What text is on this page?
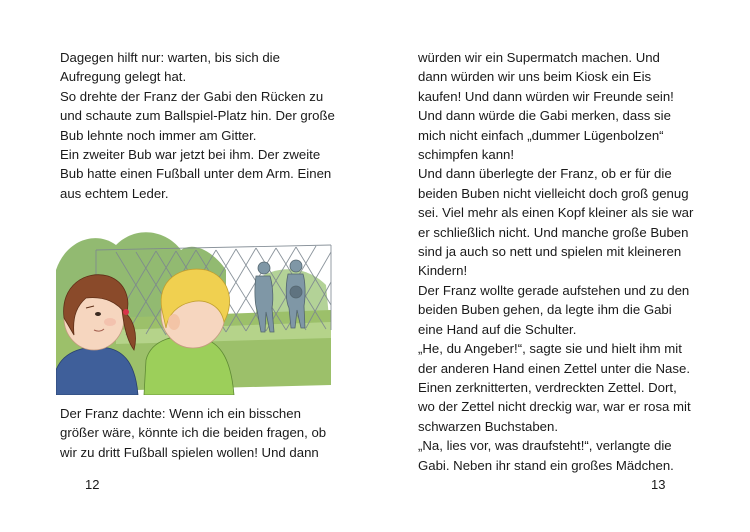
Dagegen hilft nur: warten, bis sich die

Aufregung gelegt hat.

So drehte der Franz der Gabi den Rücken zu

und schaute zum Ballspiel-Platz hin. Der große

Bub lehnte noch immer am Gitter.

Ein zweiter Bub war jetzt bei ihm. Der zweite

Bub hatte einen Fußball unter dem Arm. Einen

aus echtem Leder.

Der Franz dachte: Wenn ich ein bisschen

größer wäre, könnte ich die beiden fragen, ob

wir zu dritt Fußball spielen wollen! Und dann

12

würden wir ein Supermatch machen. Und

dann würden wir uns beim Kiosk ein Eis

kaufen! Und dann würden wir Freunde sein!

Und dann würde die Gabi merken, dass sie

mich nicht einfach „dummer Lügenbolzen“

schimpfen kann!

Und dann überlegte der Franz, ob er für die

beiden Buben nicht vielleicht doch groß genug

sei. Viel mehr als einen Kopf kleiner als sie war

er schließlich nicht. Und manche große Buben

sind ja auch so nett und spielen mit kleineren

Kindern!

Der Franz wollte gerade aufstehen und zu den

beiden Buben gehen, da legte ihm die Gabi

eine Hand auf die Schulter.

„He, du Angeber!“, sagte sie und hielt ihm mit

der anderen Hand einen Zettel unter die Nase.

Einen zerknitterten, verdreckten Zettel. Dort,

wo der Zettel nicht dreckig war, war er rosa mit

schwarzen Buchstaben.

„Na, lies vor, was draufsteht!“, verlangte die

Gabi. Neben ihr stand ein großes Mädchen.

13
